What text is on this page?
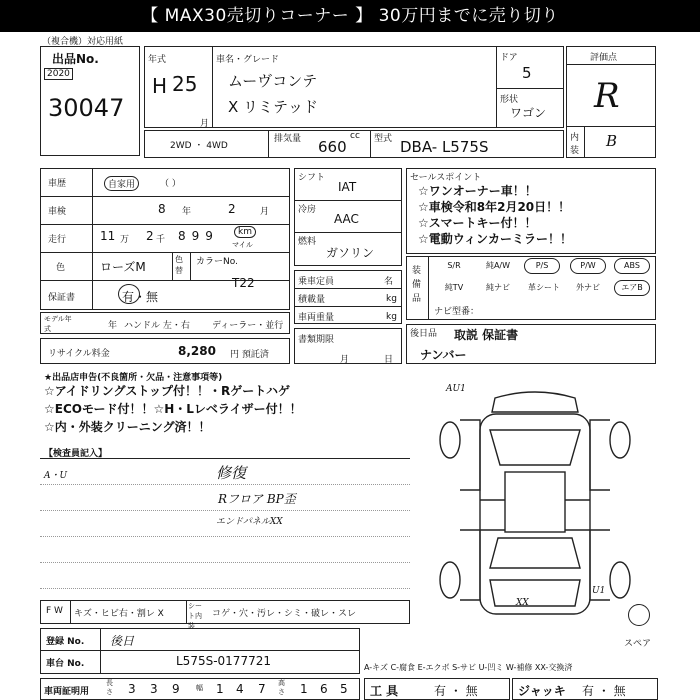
【 MAX30売切りコーナー 】 30万円までに売り切り
（複合機）対応用紙
出品No.
2020
30047
年式
H 25
月
車名・グレード
ムーヴコンテ
X リミテッド
ドア
5
形状
ワゴン
評価点
R
内装
B
2WD ・ 4WD
排気量	cc
660	型式 DBA- L575S
車歴	自家用	（ ）
車検	8 年	2	月
走行	11 万 2 千 899	km
マイル
色	ローズM
色替
カラーNo.
T22
保証書	有・無
モデル年式	年 ハンドル 左・右 ディーラー・並行
リサイクル料金	8,280 円 預託済
シフト
IAT
冷房
AAC
燃料
ガソリン
乗車定員	名
積載量	kg
車両重量	kg
書類期限
月	日
セールスポイント
☆ワンオーナー車！！
☆車検令和8年2月20日！！
☆スマートキー付！！
☆電動ウィンカーミラー！！
装備品
S/R	純A/W	P/S	P/W	ABS
純TV	純ナビ	革シート	外ナビ	エアB
ナビ型番：
後日品 取説 保証書
ナンバー
★出品店申告(不良箇所・欠品・注意事項等)
☆アイドリングストップ付！！・Rゲートハゲ
☆ECOモード付！！☆H・Lレベライザー付！！
☆内・外装クリーニング済！！
【検査員記入】
A・U	修復
Rフロア BP歪
エンドパネルXX
AU1
U1
XX
スペア
F W キズ・ヒビ右・割レ X
シート内装
コゲ・穴・汚レ・シミ・破レ・スレ
登録 No. 後日
車台 No.	L575S-0177721	A-キズ C-腐食 E-エクボ S-サビ U-凹ミ W-補修 XX-交換済
車両証明用
長さ 3 3 9 幅 1 4 7 高さ 1 6 5 工 具	有 ・ 無	ジャッキ 有 ・ 無
